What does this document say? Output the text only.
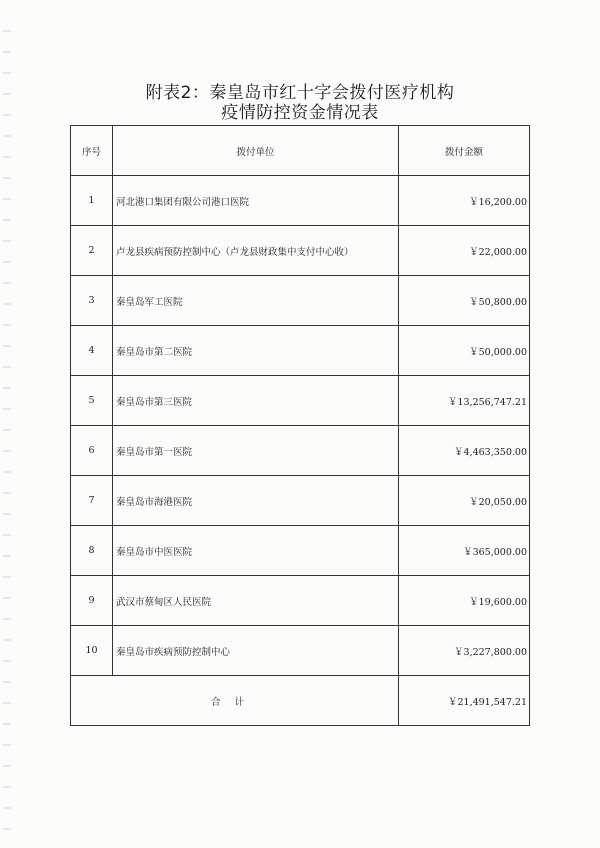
附表2：秦皇岛市红十字会拨付医疗机构
疫情防控资金情况表
序号	拨付单位	拨付金额
1	河北港口集团有限公司港口医院	￥16,200.00
2	卢龙县疾病预防控制中心（卢龙县财政集中支付中心收）	￥22,000.00
3	秦皇岛军工医院	￥50,800.00
4	秦皇岛市第二医院	￥50,000.00
5	秦皇岛市第三医院	￥13,256,747.21
6	秦皇岛市第一医院	￥4,463,350.00
7	秦皇岛市海港医院	￥20,050.00
8	秦皇岛市中医医院	￥365,000.00
9	武汉市蔡甸区人民医院	￥19,600.00
10	秦皇岛市疾病预防控制中心	￥3,227,800.00
合计		￥21,491,547.21
